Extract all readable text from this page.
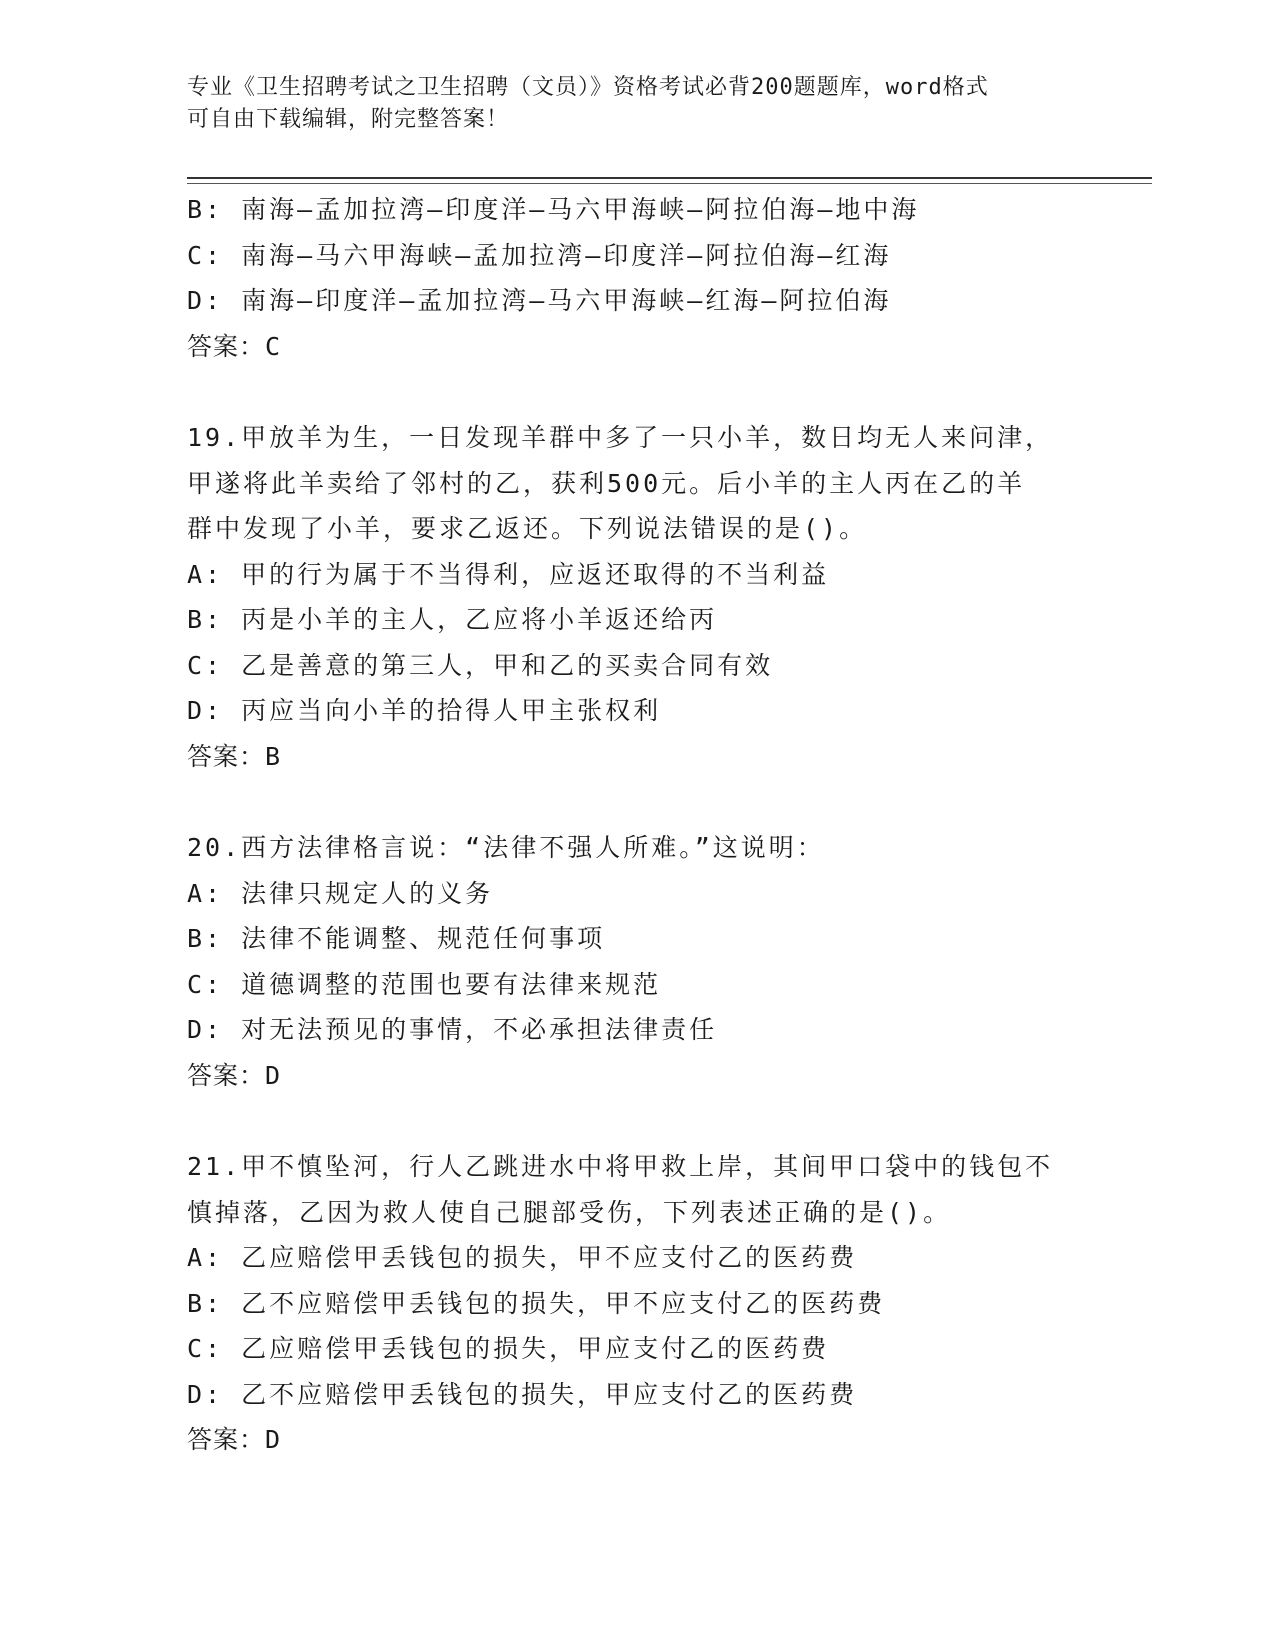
专业《卫生招聘考试之卫生招聘（文员）》资格考试必背200题题库，word格式
可自由下载编辑，附完整答案！
B: 南海—孟加拉湾—印度洋—马六甲海峡—阿拉伯海—地中海
C: 南海—马六甲海峡—孟加拉湾—印度洋—阿拉伯海—红海
D: 南海—印度洋—孟加拉湾—马六甲海峡—红海—阿拉伯海
答案：C
19.甲放羊为生，一日发现羊群中多了一只小羊，数日均无人来问津，
甲遂将此羊卖给了邻村的乙，获利500元。后小羊的主人丙在乙的羊
群中发现了小羊，要求乙返还。下列说法错误的是()。
A: 甲的行为属于不当得利，应返还取得的不当利益
B: 丙是小羊的主人，乙应将小羊返还给丙
C: 乙是善意的第三人，甲和乙的买卖合同有效
D: 丙应当向小羊的拾得人甲主张权利
答案：B
20.西方法律格言说：“法律不强人所难。”这说明：
A: 法律只规定人的义务
B: 法律不能调整、规范任何事项
C: 道德调整的范围也要有法律来规范
D: 对无法预见的事情，不必承担法律责任
答案：D
21.甲不慎坠河，行人乙跳进水中将甲救上岸，其间甲口袋中的钱包不
慎掉落，乙因为救人使自己腿部受伤，下列表述正确的是()。
A: 乙应赔偿甲丢钱包的损失，甲不应支付乙的医药费
B: 乙不应赔偿甲丢钱包的损失，甲不应支付乙的医药费
C: 乙应赔偿甲丢钱包的损失，甲应支付乙的医药费
D: 乙不应赔偿甲丢钱包的损失，甲应支付乙的医药费
答案：D
